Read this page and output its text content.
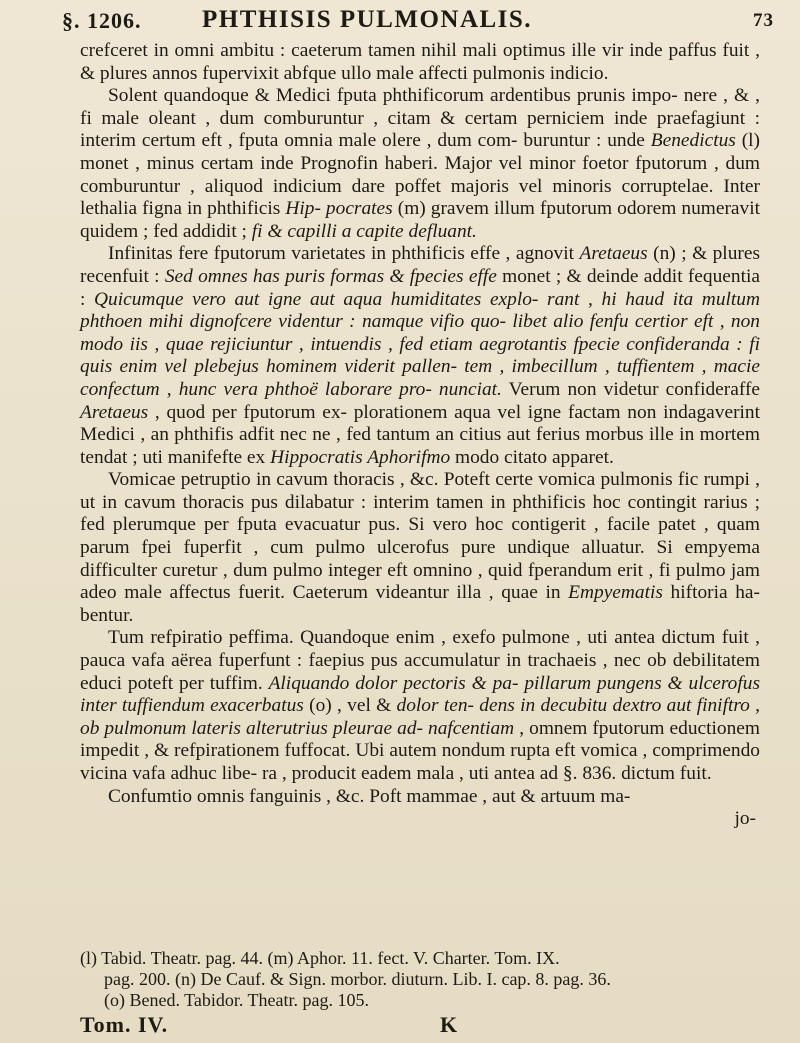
§. 1206. PHTHISIS PULMONALIS.	73

crefceret in omni ambitu : caeterum tamen nihil mali optimus ille vir inde paffus fuit , & plures annos fupervixit abfque ullo male affecti pulmonis indicio.

Solent quandoque & Medici fputa phthificorum ardentibus prunis impo- nere , & , fi male oleant , dum comburuntur , citam & certam perniciem inde praefagiunt : interim certum eft , fputa omnia male olere , dum com- buruntur : unde Benedictus (l) monet , minus certam inde Prognofin haberi. Major vel minor foetor fputorum , dum comburuntur , aliquod indicium dare poffet majoris vel minoris corruptelae. Inter lethalia figna in phthificis Hip- pocrates (m) gravem illum fputorum odorem numeravit quidem ; fed addidit ; fi & capilli a capite defluant.

Infinitas fere fputorum varietates in phthificis effe , agnovit Aretaeus (n) ; & plures recenfuit : Sed omnes has puris formas & fpecies effe monet ; & deinde addit fequentia : Quicumque vero aut igne aut aqua humiditates explo- rant , hi haud ita multum phthoen mihi dignofcere videntur : namque vifio quo- libet alio fenfu certior eft , non modo iis , quae rejiciuntur , intuendis , fed etiam aegrotantis fpecie confideranda : fi quis enim vel plebejus hominem viderit pallen- tem , imbecillum , tuffientem , macie confectum , hunc vera phthoë laborare pro- nunciat. Verum non videtur confideraffe Aretaeus , quod per fputorum ex- plorationem aqua vel igne factam non indagaverint Medici , an phthifis adfit nec ne , fed tantum an citius aut ferius morbus ille in mortem tendat ; uti manifefte ex Hippocratis Aphorifmo modo citato apparet.

Vomicae petruptio in cavum thoracis , &c. Poteft certe vomica pulmonis fic rumpi , ut in cavum thoracis pus dilabatur : interim tamen in phthificis hoc contingit rarius ; fed plerumque per fputa evacuatur pus. Si vero hoc contigerit , facile patet , quam parum fpei fuperfit , cum pulmo ulcerofus pure undique alluatur. Si empyema difficulter curetur , dum pulmo integer eft omnino , quid fperandum erit , fi pulmo jam adeo male affectus fuerit. Caeterum videantur illa , quae in Empyematis hiftoria ha- bentur.

Tum refpiratio peffima. Quandoque enim , exefo pulmone , uti antea dictum fuit , pauca vafa aërea fuperfunt : faepius pus accumulatur in trachaeis , nec ob debilitatem educi poteft per tuffim. Aliquando dolor pectoris & pa- pillarum pungens & ulcerofus inter tuffiendum exacerbatus (o) , vel & dolor ten- dens in decubitu dextro aut finiftro , ob pulmonum lateris alterutrius pleurae ad- nafcentiam , omnem fputorum eductionem impedit , & refpirationem fuffocat. Ubi autem nondum rupta eft vomica , comprimendo vicina vafa adhuc libe- ra , producit eadem mala , uti antea ad §. 836. dictum fuit.

Confumtio omnis fanguinis , &c. Poft mammae , aut & artuum ma-

jo-

(l) Tabid. Theatr. pag. 44. (m) Aphor. 11. fect. V. Charter. Tom. IX.

pag. 200. (n) De Cauf. & Sign. morbor. diuturn. Lib. I. cap. 8. pag. 36.

(o) Bened. Tabidor. Theatr. pag. 105.

Tom. IV.	K
